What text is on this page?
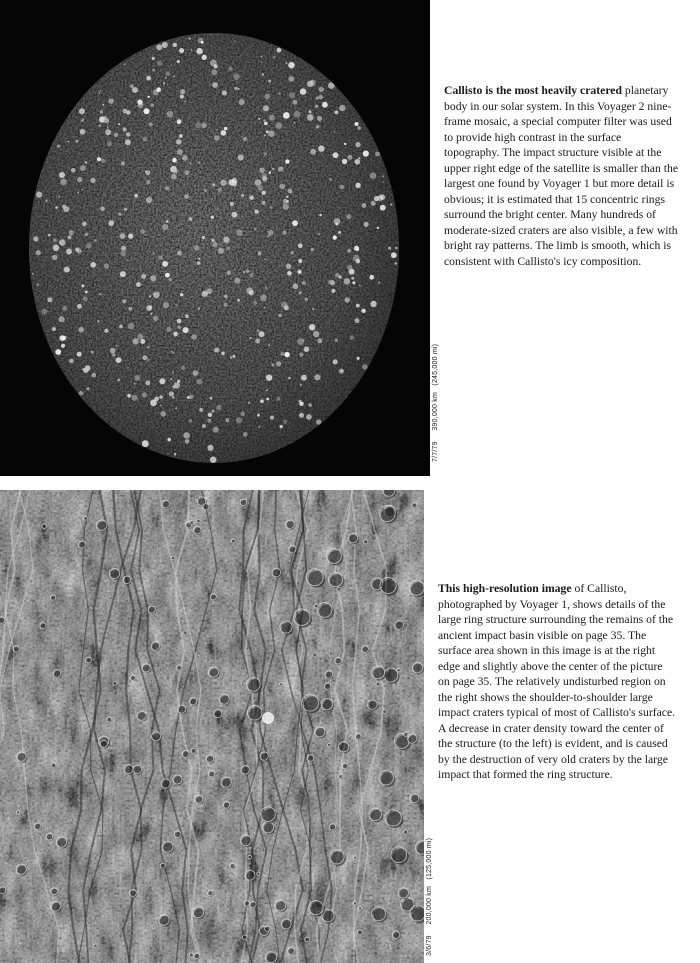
7/7/79     390,000 km   (245,000 mi)

Callisto is the most heavily cratered planetary body in our solar system. In this Voyager 2 nine-frame mosaic, a special computer filter was used to provide high contrast in the surface topography. The impact structure visible at the upper right edge of the satellite is smaller than the largest one found by Voyager 1 but more detail is obvious; it is estimated that 15 concentric rings surround the bright center. Many hundreds of moderate-sized craters are also visible, a few with bright ray patterns. The limb is smooth, which is consistent with Callisto's icy composition.

3/6/79     200,000 km   (125,000 mi)

This high-resolution image of Callisto, photographed by Voyager 1, shows details of the large ring structure surrounding the remains of the ancient impact basin visible on page 35. The surface area shown in this image is at the right edge and slightly above the center of the picture on page 35. The relatively undisturbed region on the right shows the shoulder-to-shoulder large impact craters typical of most of Callisto's surface. A decrease in crater density toward the center of the structure (to the left) is evident, and is caused by the destruction of very old craters by the large impact that formed the ring structure.
